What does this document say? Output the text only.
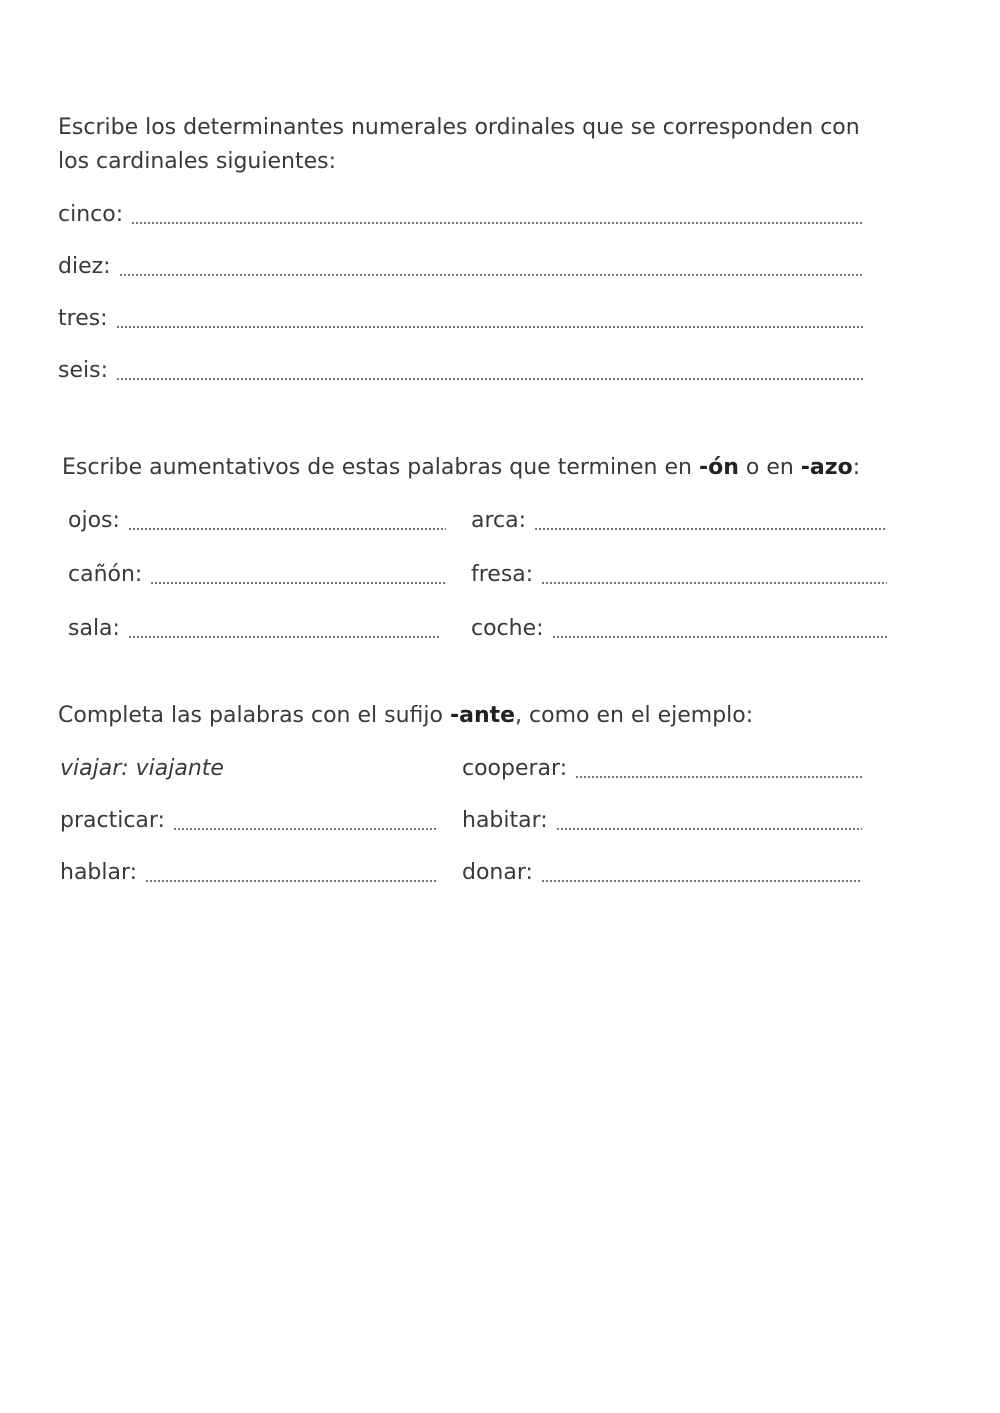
Escribe los determinantes numerales ordinales que se corresponden con
los cardinales siguientes:
cinco:
diez:
tres:
seis:
Escribe aumentativos de estas palabras que terminen en -ón o en -azo:
ojos:
cañón:
sala:
arca:
fresa:
coche:
Completa las palabras con el sufijo -ante, como en el ejemplo:
viajar: viajante
practicar:
hablar:
cooperar:
habitar:
donar:
